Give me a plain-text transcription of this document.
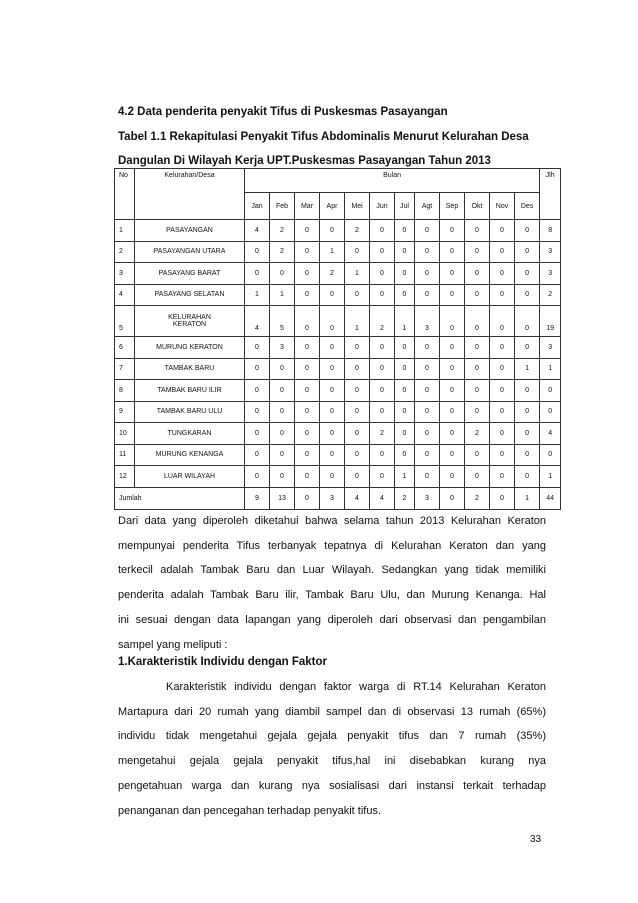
4.2 Data penderita penyakit Tifus di Puskesmas Pasayangan
Tabel 1.1 Rekapitulasi Penyakit Tifus Abdominalis Menurut Kelurahan Desa
Dangulan Di Wilayah Kerja UPT.Puskesmas Pasayangan Tahun 2013
No	Kelurahan/Desa	Bulan												Jlh
		Jan	Feb	Mar	Apr	Mei	Jun	Jul	Agt	Sep	Okt	Nov	Des	
1	PASAYANGAN	4	2	0	0	2	0	0	0	0	0	0	0	8
2	PASAYANGAN UTARA	0	2	0	1	0	0	0	0	0	0	0	0	3
3	PASAYANG BARAT	0	0	0	2	1	0	0	0	0	0	0	0	3
4	PASAYANG SELATAN	1	1	0	0	0	0	0	0	0	0	0	0	2
5	KELURAHAN
KERATON	4	5	0	0	1	2	1	3	0	0	0	0	19
6	MURUNG KERATON	0	3	0	0	0	0	0	0	0	0	0	0	3
7	TAMBAK BARU	0	0	0	0	0	0	0	0	0	0	0	1	1
8	TAMBAK BARU ILIR	0	0	0	0	0	0	0	0	0	0	0	0	0
9	TAMBAK BARU ULU	0	0	0	0	0	0	0	0	0	0	0	0	0
10	TUNGKARAN	0	0	0	0	0	2	0	0	0	2	0	0	4
11	MURUNG KENANGA	0	0	0	0	0	0	0	0	0	0	0	0	0
12	LUAR WILAYAH	0	0	0	0	0	0	1	0	0	0	0	0	1
Jumlah		9	13	0	3	4	4	2	3	0	2	0	1	44
Dari data yang diperoleh diketahui bahwa selama tahun 2013 Kelurahan Keraton
mempunyai penderita Tifus terbanyak tepatnya di Kelurahan Keraton dan yang
terkecil adalah Tambak Baru dan Luar Wilayah. Sedangkan yang tidak memiliki
penderita adalah Tambak Baru ilir, Tambak Baru Ulu, dan Murung Kenanga. Hal
ini sesuai dengan data lapangan yang diperoleh dari observasi dan pengambilan
sampel yang meliputi :
1.Karakteristik Individu dengan Faktor
Karakteristik individu dengan faktor warga di RT.14 Kelurahan Keraton
Martapura dari 20 rumah yang diambil sampel dan di observasi 13 rumah (65%)
individu tidak mengetahui gejala gejala penyakit tifus dan 7 rumah (35%)
mengetahui gejala gejala penyakit tifus,hal ini disebabkan kurang nya
pengetahuan warga dan kurang nya sosialisasi dari instansi terkait terhadap
penanganan dan pencegahan terhadap penyakit tifus.
33
